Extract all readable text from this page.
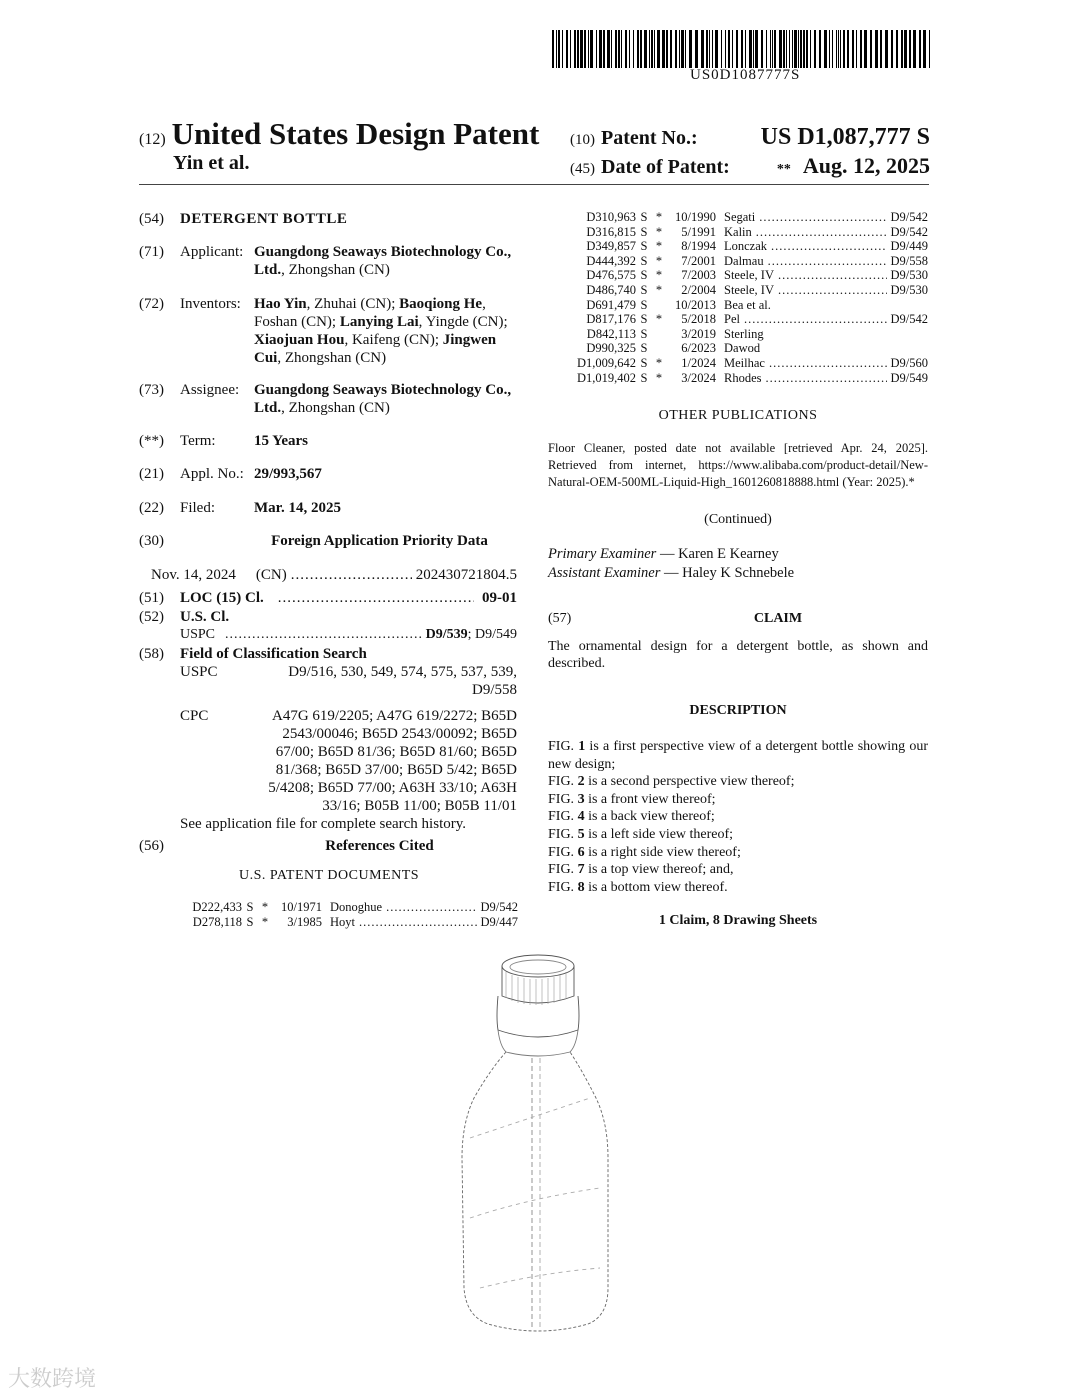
US0D1087777S
(12) United States Design Patent
Yin et al.
(10) Patent No.:	US D1,087,777 S
(45) Date of Patent:	** Aug. 12, 2025
(54) DETERGENT BOTTLE
(71) Applicant: Guangdong Seaways Biotechnology Co., Ltd., Zhongshan (CN)
(72) Inventors: Hao Yin, Zhuhai (CN); Baoqiong He, Foshan (CN); Lanying Lai, Yingde (CN); Xiaojuan Hou, Kaifeng (CN); Jingwen Cui, Zhongshan (CN)
(73) Assignee: Guangdong Seaways Biotechnology Co., Ltd., Zhongshan (CN)
(**) Term:	15 Years
(21) Appl. No.: 29/993,567
(22) Filed:	Mar. 14, 2025
(30)	Foreign Application Priority Data
Nov. 14, 2024 (CN) .....	202430721804.5
(51) LOC (15) Cl. .....	09-01
(52) U.S. Cl.
USPC .....	D9/539 ; D9/549
(58) Field of Classification Search
USPC	D9/516, 530, 549, 574, 575, 537, 539, D9/558
CPC	A47G 619/2205; A47G 619/2272; B65D 2543/00046; B65D 2543/00092; B65D 67/00; B65D 81/36; B65D 81/60; B65D 81/368; B65D 37/00; B65D 5/42; B65D 5/4208; B65D 77/00; A63H 33/10; A63H 33/16; B05B 11/00; B05B 11/01
See application file for complete search history.
(56)	References Cited
U.S. PATENT DOCUMENTS
D222,433 S *	10/1971 Donoghue .....	D9/542
D278,118 S *	3/1985 Hoyt .....	D9/447
D310,963 S *	10/1990 Segati .....	D9/542
D316,815 S *	5/1991 Kalin .....	D9/542
D349,857 S *	8/1994 Lonczak .....	D9/449
D444,392 S *	7/2001 Dalmau .....	D9/558
D476,575 S *	7/2003 Steele, IV .....	D9/530
D486,740 S *	2/2004 Steele, IV .....	D9/530
D691,479 S	10/2013 Bea et al.
D817,176 S *	5/2018 Pel .....	D9/542
D842,113 S	3/2019 Sterling
D990,325 S	6/2023 Dawod
D1,009,642 S *	1/2024 Meilhac .....	D9/560
D1,019,402 S *	3/2024 Rhodes .....	D9/549
OTHER PUBLICATIONS
Floor Cleaner, posted date not available [retrieved Apr. 24, 2025]. Retrieved from internet, https://www.alibaba.com/product-detail/New-Natural-OEM-500ML-Liquid-High_1601260818888.html (Year: 2025).*
(Continued)
Primary Examiner — Karen E Kearney
Assistant Examiner — Haley K Schnebele
(57)	CLAIM
The ornamental design for a detergent bottle, as shown and described.
DESCRIPTION
FIG. 1 is a first perspective view of a detergent bottle showing our new design;
FIG. 2 is a second perspective view thereof;
FIG. 3 is a front view thereof;
FIG. 4 is a back view thereof;
FIG. 5 is a left side view thereof;
FIG. 6 is a right side view thereof;
FIG. 7 is a top view thereof; and,
FIG. 8 is a bottom view thereof.
1 Claim, 8 Drawing Sheets
大数跨境
